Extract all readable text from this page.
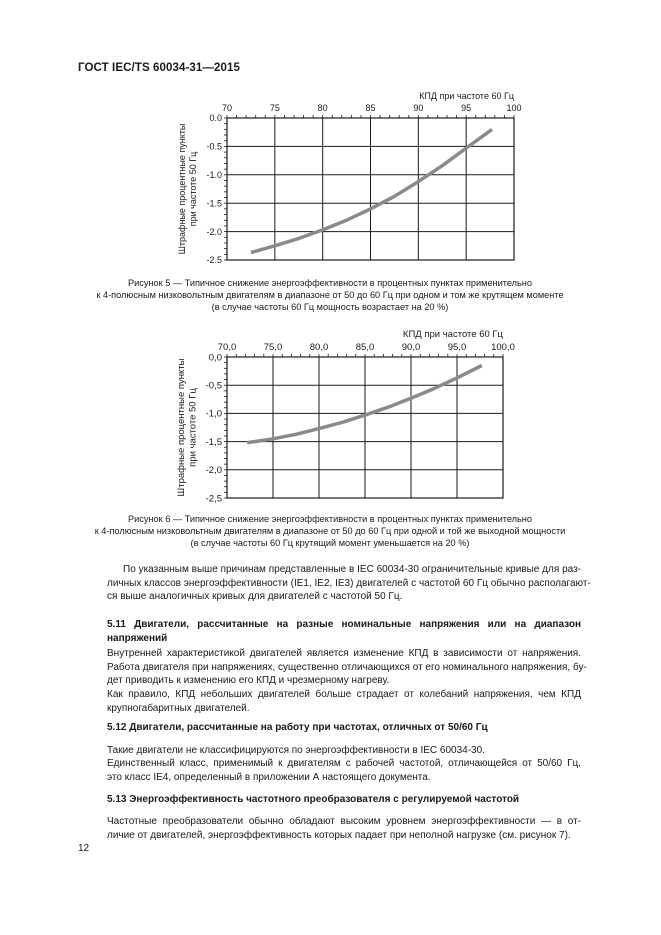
ГОСТ IEC/TS 60034-31—2015
70	75	80	85	90	95	100
0.0
-0.5
-1.0
-1.5
-2.0
-2.5
КПД при частоте 60 Гц
Штрафные процентные пункты при частоте 50 Гц
Рисунок 5 — Типичное снижение энергоэффективности в процентных пунктах применительно
к 4-полюсным низковольтным двигателям в диапазоне от 50 до 60 Гц при одном и том же крутящем моменте
(в случае частоты 60 Гц мощность возрастает на 20 %)
70,0	75,0	80,0	85,0	90,0	95,0	100,0
0,0
-0,5
-1,0
-1,5
-2,0
-2,5
КПД при частоте 60 Гц
Штрафные процентные пункты при частоте 50 Гц
Рисунок 6 — Типичное снижение энергоэффективности в процентных пунктах применительно
к 4-полюсным низковольтным двигателям в диапазоне от 50 до 60 Гц при одной и той же выходной мощности
(в случае частоты 60 Гц крутящий момент уменьшается на 20 %)
По указанным выше причинам представленные в IEC 60034-30 ограничительные кривые для раз-
личных классов энергоэффективности (IE1, IE2, IE3) двигателей с частотой 60 Гц обычно располагают-
ся выше аналогичных кривых для двигателей с частотой 50 Гц.
5.11 Двигатели, рассчитанные на разные номинальные напряжения или на диапазон
напряжений
Внутренней характеристикой двигателей является изменение КПД в зависимости от напряжения.
Работа двигателя при напряжениях, существенно отличающихся от его номинального напряжения, бу-
дет приводить к изменению его КПД и чрезмерному нагреву.
Как правило, КПД небольших двигателей больше страдает от колебаний напряжения, чем КПД
крупногабаритных двигателей.
5.12 Двигатели, рассчитанные на работу при частотах, отличных от 50/60 Гц
Такие двигатели не классифицируются по энергоэффективности в IEC 60034-30.
Единственный класс, применимый к двигателям с рабочей частотой, отличающейся от 50/60 Гц,
это класс IE4, определенный в приложении А настоящего документа.
5.13 Энергоэффективность частотного преобразователя с регулируемой частотой
Частотные преобразователи обычно обладают высоким уровнем энергоэффективности — в от-
личие от двигателей, энергоэффективность которых падает при неполной нагрузке (см. рисунок 7).
12
